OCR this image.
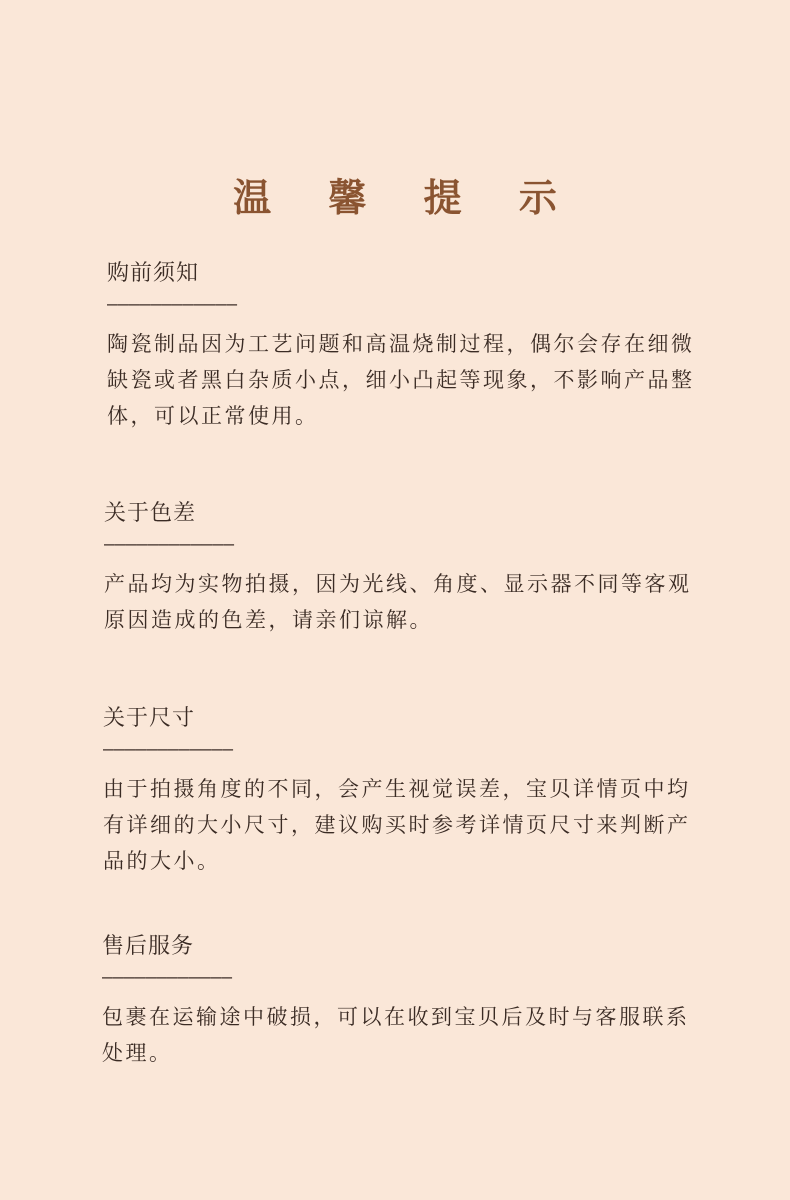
温 馨 提 示
购前须知
————————————
陶瓷制品因为工艺问题和高温烧制过程，偶尔会存在细微缺瓷或者黑白杂质小点，细小凸起等现象，不影响产品整体，可以正常使用。
关于色差
————————————
产品均为实物拍摄，因为光线、角度、显示器不同等客观原因造成的色差，请亲们谅解。
关于尺寸
————————————
由于拍摄角度的不同，会产生视觉误差，宝贝详情页中均有详细的大小尺寸，建议购买时参考详情页尺寸来判断产品的大小。
售后服务
————————————
包裹在运输途中破损，可以在收到宝贝后及时与客服联系处理。
